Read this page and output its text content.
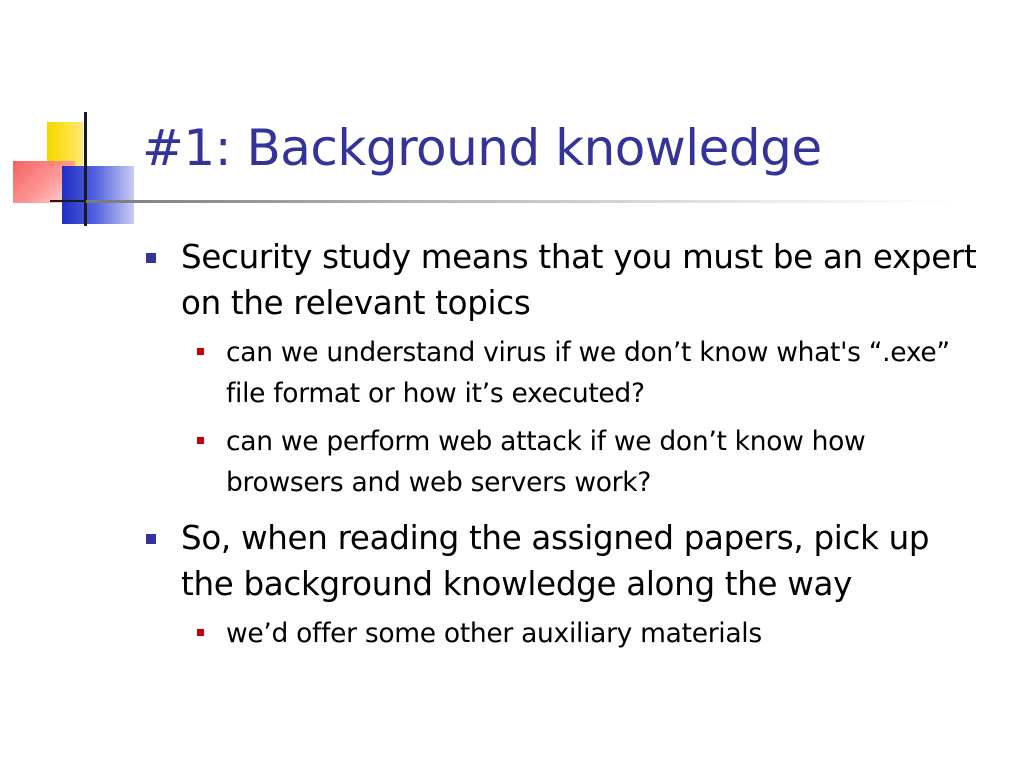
#1: Background knowledge
Security study means that you must be an expert on the relevant topics
can we understand virus if we don’t know what's “.exe” file format or how it’s executed?
can we perform web attack if we don’t know how browsers and web servers work?
So, when reading the assigned papers, pick up the background knowledge along the way
we’d offer some other auxiliary materials
